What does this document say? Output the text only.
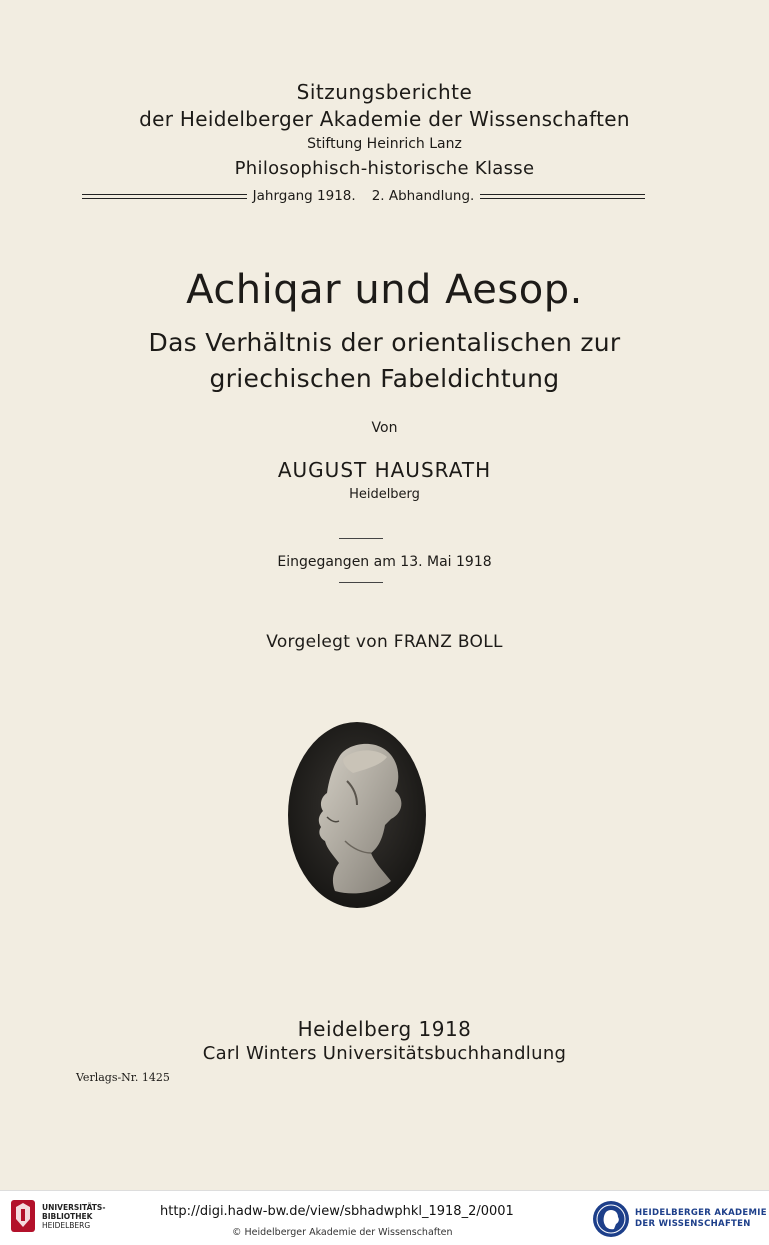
Sitzungsberichte
der Heidelberger Akademie der Wissenschaften
Stiftung Heinrich Lanz
Philosophisch-historische Klasse
Jahrgang 1918. 2. Abhandlung.
Achiqar und Aesop.
Das Verhältnis der orientalischen zur
griechischen Fabeldichtung
Von
AUGUST HAUSRATH
Heidelberg
Eingegangen am 13. Mai 1918
Vorgelegt von FRANZ BOLL
Heidelberg 1918
Carl Winters Universitätsbuchhandlung
Verlags-Nr. 1425
UNIVERSITÄTS-
BIBLIOTHEK
HEIDELBERG
http://digi.hadw-bw.de/view/sbhadwphkl_1918_2/0001
© Heidelberger Akademie der Wissenschaften
HEIDELBERGER AKADEMIE
DER WISSENSCHAFTEN
